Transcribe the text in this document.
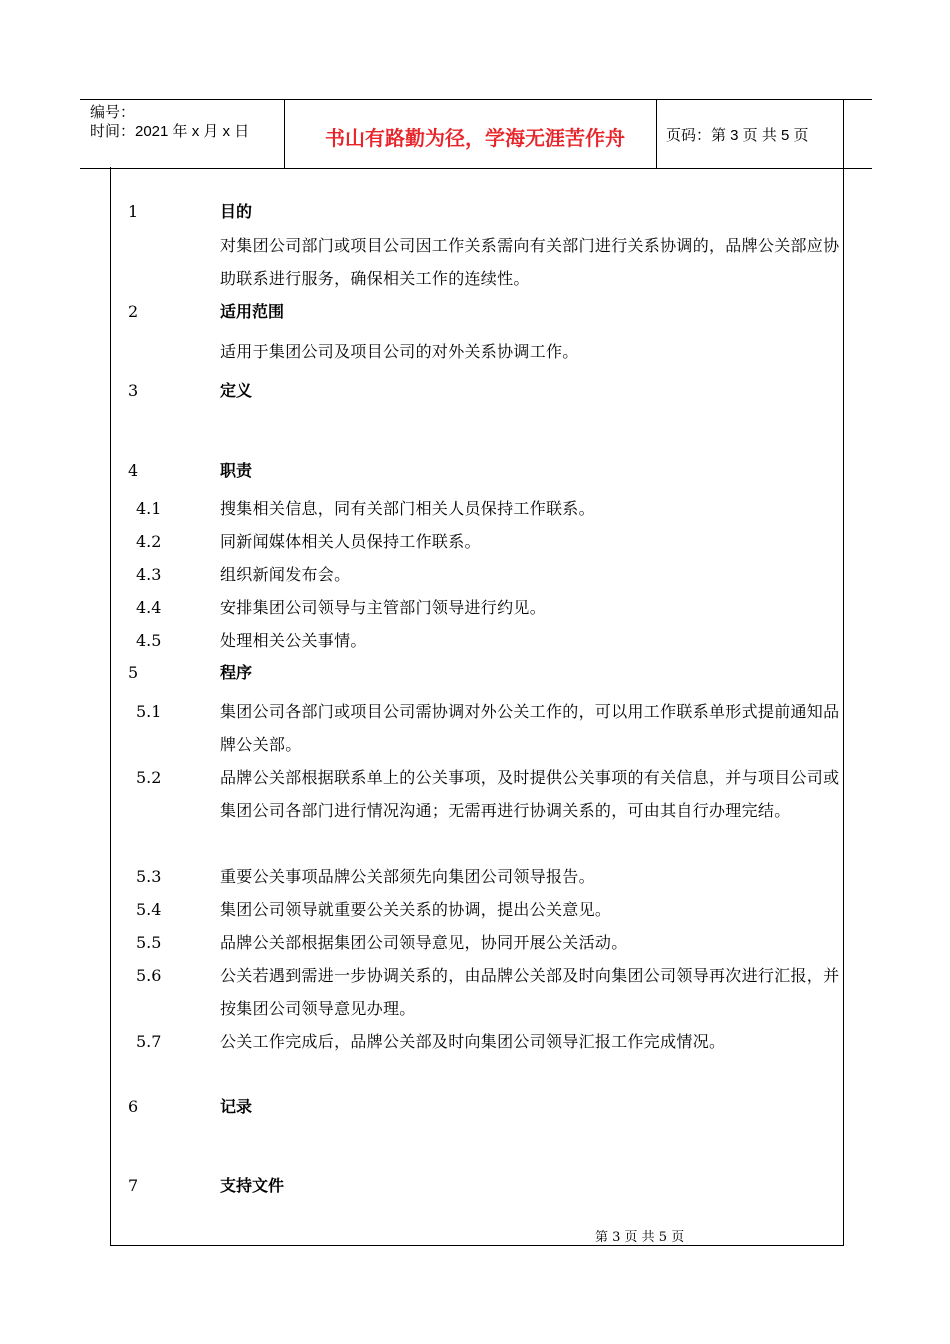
编号：
时间：2021 年 x 月 x 日	书山有路勤为径，学海无涯苦作舟	页码：第 3 页 共 5 页
1	目的
对集团公司部门或项目公司因工作关系需向有关部门进行关系协调的，品牌公关部应协助联系进行服务，确保相关工作的连续性。
2	适用范围
适用于集团公司及项目公司的对外关系协调工作。
3	定义
4	职责
4.1	搜集相关信息，同有关部门相关人员保持工作联系。
4.2	同新闻媒体相关人员保持工作联系。
4.3	组织新闻发布会。
4.4	安排集团公司领导与主管部门领导进行约见。
4.5	处理相关公关事情。
5	程序
5.1	集团公司各部门或项目公司需协调对外公关工作的，可以用工作联系单形式提前通知品牌公关部。
5.2	品牌公关部根据联系单上的公关事项，及时提供公关事项的有关信息，并与项目公司或集团公司各部门进行情况沟通；无需再进行协调关系的，可由其自行办理完结。
5.3	重要公关事项品牌公关部须先向集团公司领导报告。
5.4	集团公司领导就重要公关关系的协调，提出公关意见。
5.5	品牌公关部根据集团公司领导意见，协同开展公关活动。
5.6	公关若遇到需进一步协调关系的，由品牌公关部及时向集团公司领导再次进行汇报，并按集团公司领导意见办理。
5.7	公关工作完成后，品牌公关部及时向集团公司领导汇报工作完成情况。
6	记录
7	支持文件
第 3 页 共 5 页
